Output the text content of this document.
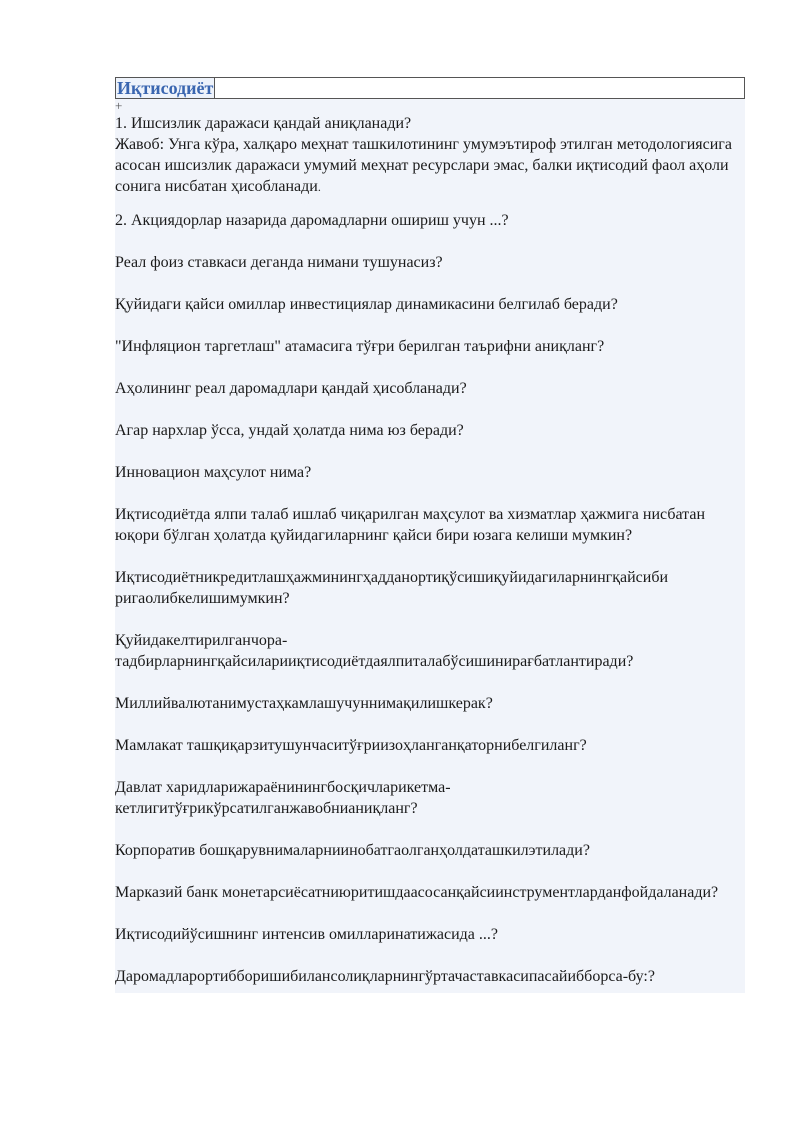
Иқтисодиёт
+
1. Ишсизлик даражаси қандай аниқланади?
Жавоб: Унга кўра, халқаро меҳнат ташкилотининг умумэътироф этилган методологиясига асосан ишсизлик даражаси умумий меҳнат ресурслари эмас, балки иқтисодий фаол аҳоли сонига нисбатан ҳисобланади.
2. Акциядорлар назарида даромадларни ошириш учун ...?
Реал фоиз ставкаси деганда нимани тушунасиз?
Қуйидаги қайси омиллар инвестициялар динамикасини белгилаб беради?
"Инфляцион таргетлаш" атамасига тўғри берилган таърифни аниқланг?
Аҳолининг реал даромадлари қандай ҳисобланади?
Агар нархлар ўсса, ундай ҳолатда нима юз беради?
Инновацион маҳсулот нима?
Иқтисодиётда ялпи талаб ишлаб чиқарилган маҳсулот ва хизматлар ҳажмига нисбатан юқори бўлган ҳолатда қуйидагиларнинг қайси бири юзага келиши мумкин?
Иқтисодиётникредитлашҳажминингҳадданортиқўсишиқуйидагиларнингқайсиби ригаолибкелишимумкин?
Қуйидакелтирилганчора-тадбирларнингқайсиларииқтисодиётдаялпиталабўсишинирағбатлантиради?
Миллийвалютанимустаҳкамлашучуннимақилишкерак?
Мамлакат ташқиқарзитушунчаситўғриизоҳланганқаторнибелгиланг?
Давлат харидларижараёнинингбосқичларикетма-кетлигитўғрикўрсатилганжавобнианиқланг?
Корпоратив бошқарувнималарниинобатгаолганҳолдаташкилэтилади?
Марказий банк монетарсиёсатниюритишдаасосанқайсиинструментларданфойдаланади?
Иқтисодийўсишнинг интенсив омилларинатижасида ...?
Даромадларортибборишибилансолиқларнингўртачаставкасипасайибборса-бу:?
